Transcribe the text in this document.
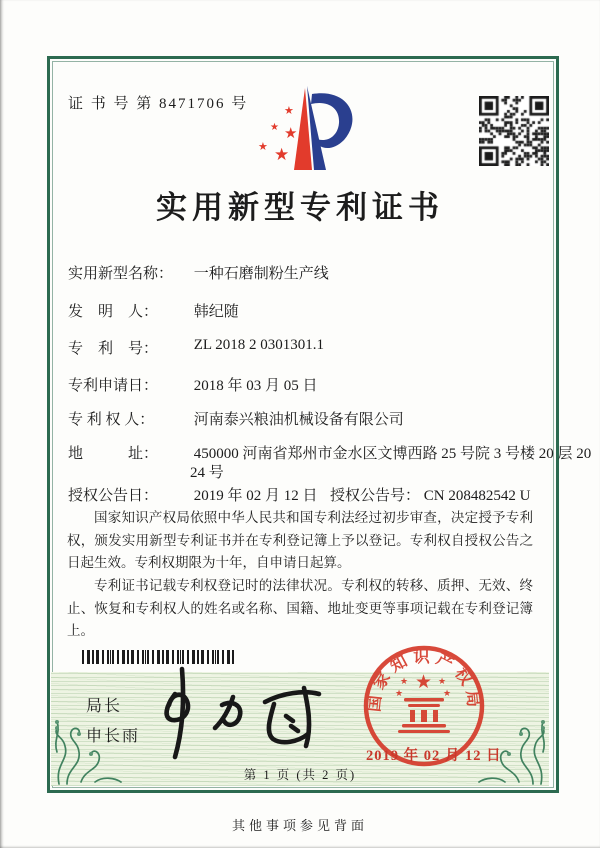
证 书 号 第 8471706 号	★
★ ★
★ ★
实用新型专利证书
实用新型名称： 一种石磨制粉生产线
发　明　人： 韩纪随
专　利　号： ZL 2018 2 0301301.1
专利申请日： 2018 年 03 月 05 日
专 利 权 人：	河南泰兴粮油机械设备有限公司
地　　　址： 450000 河南省郑州市金水区文博西路 25 号院 3 号楼 20 层 20
24 号
授权公告日： 2019 年 02 月 12 日 授权公告号： CN 208482542 U

国家知识产权局依照中华人民共和国专利法经过初步审查，决定授予专利权，颁发实用新型专利证书并在专利登记簿上予以登记。专利权自授权公告之日起生效。专利权期限为十年，自申请日起算。

专利证书记载专利权登记时的法律状况。专利权的转移、质押、无效、终止、恢复和专利权人的姓名或名称、国籍、地址变更等事项记载在专利登记簿上。

局长
申长雨
国家知识产权局
★
★	★
★	★
2019 年 02 月 12 日
第 1 页 (共 2 页)
其他事项参见背面
